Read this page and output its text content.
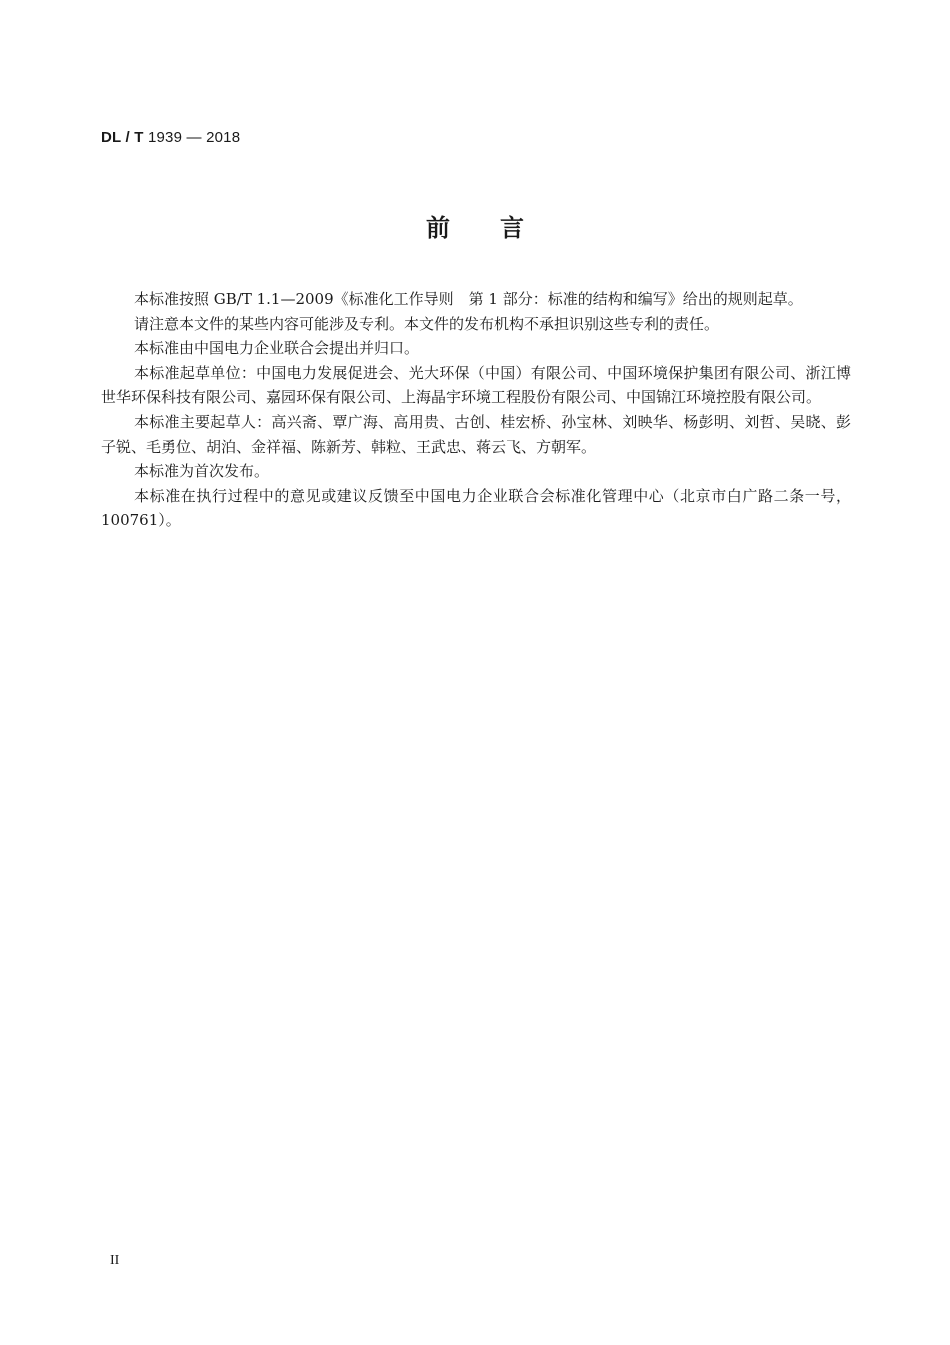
DL / T 1939 — 2018
前言

本标准按照 GB/T 1.1—2009《标准化工作导则　第 1 部分：标准的结构和编写》给出的规则起草。

请注意本文件的某些内容可能涉及专利。本文件的发布机构不承担识别这些专利的责任。

本标准由中国电力企业联合会提出并归口。

本标准起草单位：中国电力发展促进会、光大环保（中国）有限公司、中国环境保护集团有限公司、浙江博世华环保科技有限公司、嘉园环保有限公司、上海晶宇环境工程股份有限公司、中国锦江环境控股有限公司。

本标准主要起草人：高兴斋、覃广海、高用贵、古创、桂宏桥、孙宝林、刘映华、杨彭明、刘哲、吴晓、彭子锐、毛勇位、胡泊、金祥福、陈新芳、韩粒、王武忠、蒋云飞、方朝军。

本标准为首次发布。

本标准在执行过程中的意见或建议反馈至中国电力企业联合会标准化管理中心（北京市白广路二条一号，100761）。

II
